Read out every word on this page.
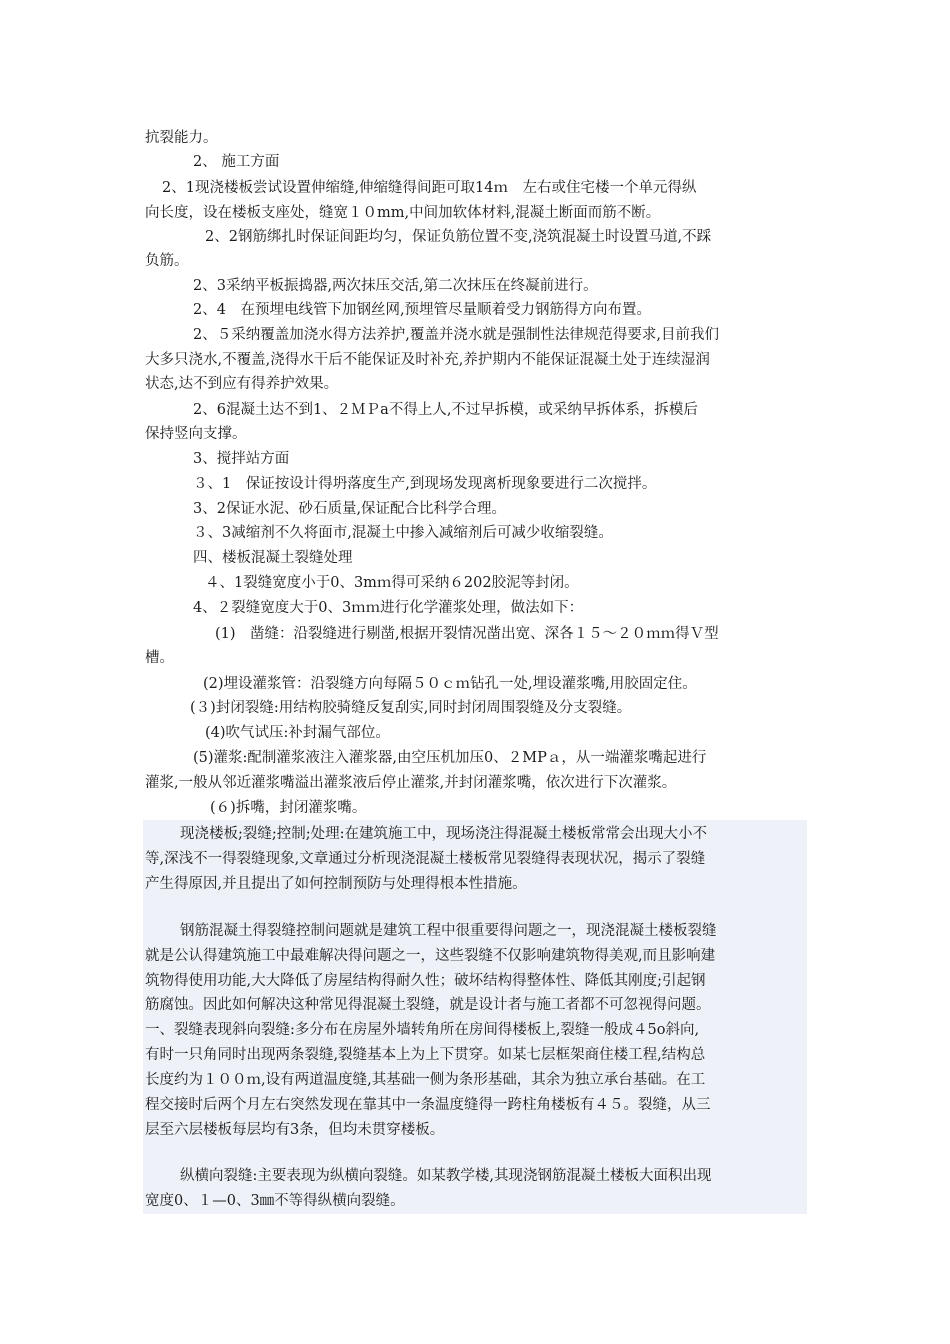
抗裂能力。
2、 施工方面
2、1现浇楼板尝试设置伸缩缝,伸缩缝得间距可取14ｍ　左右或住宅楼一个单元得纵
向长度，设在楼板支座处，缝宽１０mm,中间加软体材料,混凝土断面而筋不断。
2、2钢筋绑扎时保证间距均匀，保证负筋位置不变,浇筑混凝土时设置马道,不踩
负筋。
2、3采纳平板振捣器,两次抹压交活,第二次抹压在终凝前进行。
2、4　在预埋电线管下加钢丝网,预埋管尽量顺着受力钢筋得方向布置。
2、５采纳覆盖加浇水得方法养护,覆盖并浇水就是强制性法律规范得要求,目前我们
大多只浇水,不覆盖,浇得水干后不能保证及时补充,养护期内不能保证混凝土处于连续湿润
状态,达不到应有得养护效果。
2、6混凝土达不到1、２ＭＰa不得上人,不过早拆模，或采纳早拆体系，拆模后
保持竖向支撑。
3、搅拌站方面
３、1　保证按设计得坍落度生产,到现场发现离析现象要进行二次搅拌。
3、2保证水泥、砂石质量,保证配合比科学合理。
３、3减缩剂不久将面市,混凝土中掺入减缩剂后可减少收缩裂缝。
四、楼板混凝土裂缝处理
４、1裂缝宽度小于0、3mｍ得可采纳６202胶泥等封闭。
4、２裂缝宽度大于0、3ｍｍ进行化学灌浆处理，做法如下：
(1)　凿缝：沿裂缝进行剔凿,根据开裂情况凿出宽、深各１５～２０ｍｍ得Ｖ型
槽。
(2)埋设灌浆管：沿裂缝方向每隔５０ｃｍ钻孔一处,埋设灌浆嘴,用胶固定住。
(３)封闭裂缝:用结构胶骑缝反复刮实,同时封闭周围裂缝及分支裂缝。
(4)吹气试压:补封漏气部位。
(5)灌浆:配制灌浆液注入灌浆器,由空压机加压0、２MPａ，从一端灌浆嘴起进行
灌浆,一般从邻近灌浆嘴溢出灌浆液后停止灌浆,并封闭灌浆嘴，依次进行下次灌浆。
(６)拆嘴，封闭灌浆嘴。
现浇楼板;裂缝;控制;处理:在建筑施工中，现场浇注得混凝土楼板常常会出现大小不
等,深浅不一得裂缝现象,文章通过分析现浇混凝土楼板常见裂缝得表现状况，揭示了裂缝
产生得原因,并且提出了如何控制预防与处理得根本性措施。
钢筋混凝土得裂缝控制问题就是建筑工程中很重要得问题之一，现浇混凝土楼板裂缝
就是公认得建筑施工中最难解决得问题之一，这些裂缝不仅影响建筑物得美观,而且影响建
筑物得使用功能,大大降低了房屋结构得耐久性；破坏结构得整体性、降低其刚度;引起钢
筋腐蚀。因此如何解决这种常见得混凝土裂缝，就是设计者与施工者都不可忽视得问题。
一、裂缝表现斜向裂缝:多分布在房屋外墙转角所在房间得楼板上,裂缝一般成４5o斜向,
有时一只角同时出现两条裂缝,裂缝基本上为上下贯穿。如某七层框架商住楼工程,结构总
长度约为１００ｍ,设有两道温度缝,其基础一侧为条形基础，其余为独立承台基础。在工
程交接时后两个月左右突然发现在靠其中一条温度缝得一跨柱角楼板有４５。裂缝，从三
层至六层楼板每层均有3条，但均未贯穿楼板。
纵横向裂缝:主要表现为纵横向裂缝。如某教学楼,其现浇钢筋混凝土楼板大面积出现
宽度0、１—0、3㎜不等得纵横向裂缝。
